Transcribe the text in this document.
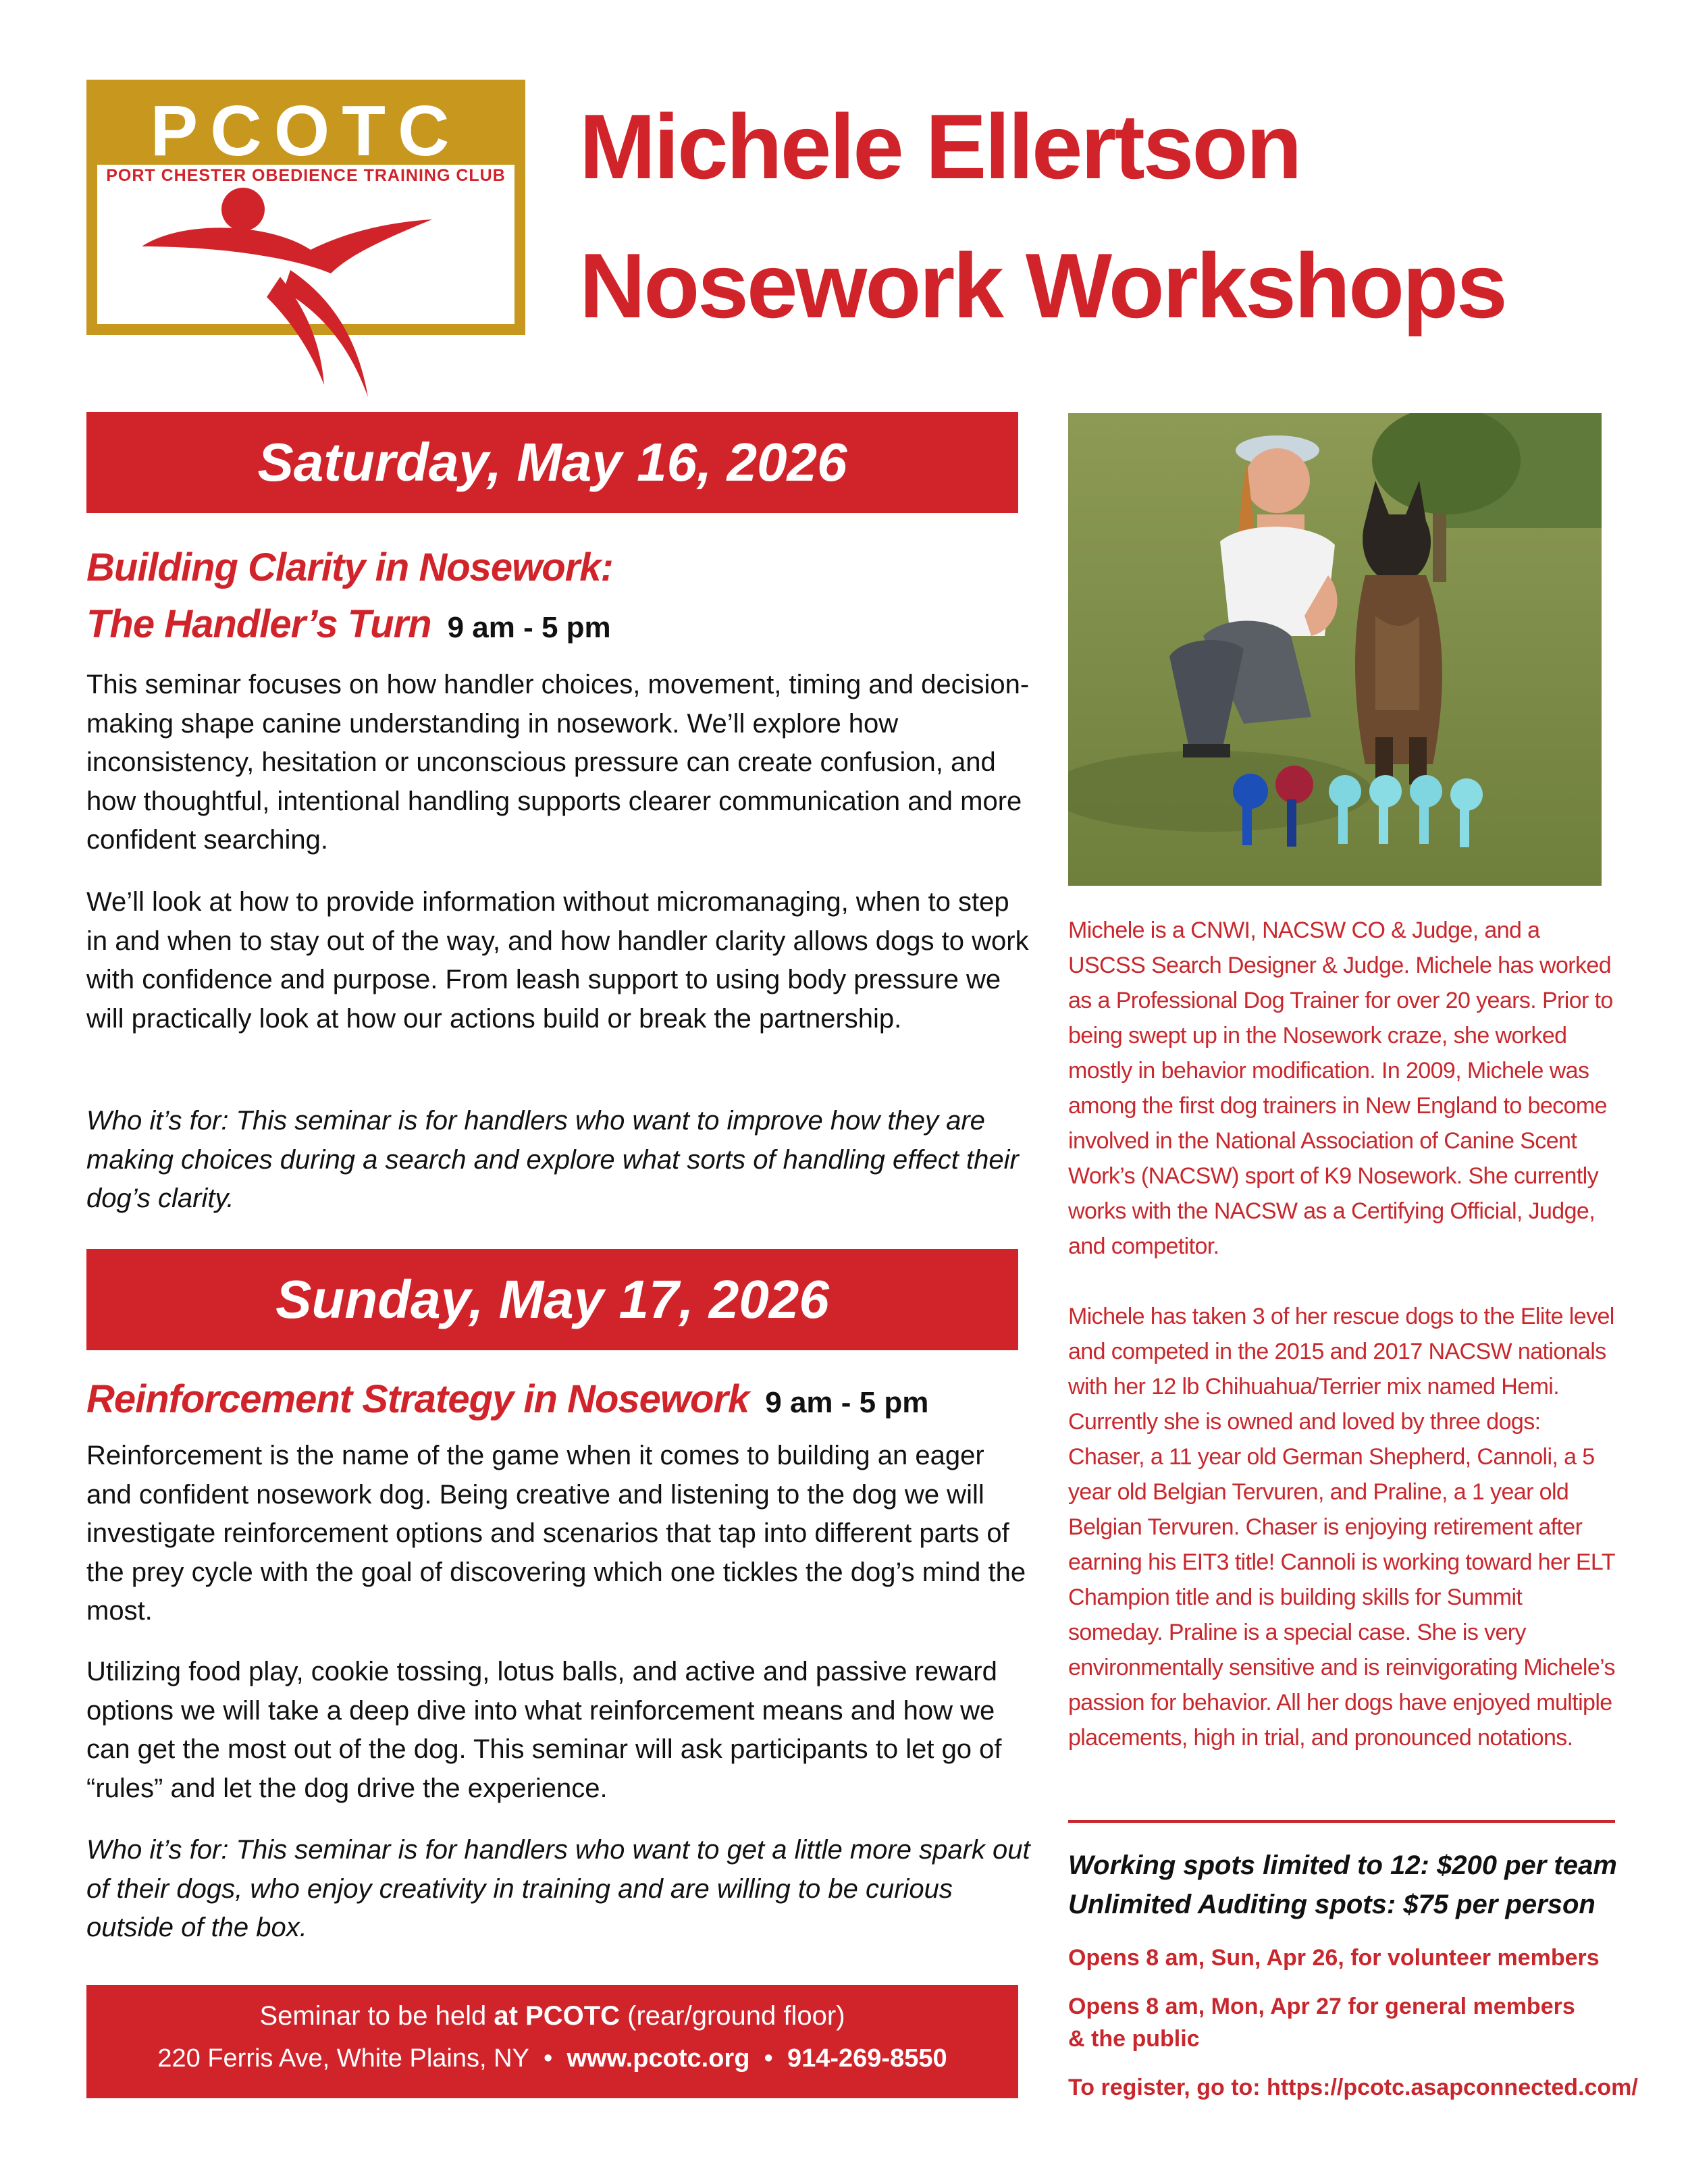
PCOTC
PORT CHESTER OBEDIENCE TRAINING CLUB Michele Ellertson
Nosework Workshops
Saturday, May 16, 2026
Building Clarity in Nosework:
The Handler’s Turn 9 am - 5 pm
This seminar focuses on how handler choices, movement, timing and decision-making shape canine understanding in nosework. We’ll explore how inconsistency, hesitation or unconscious pressure can create confusion, and how thoughtful, intentional handling supports clearer communication and more confident searching.
We’ll look at how to provide information without micromanaging, when to step in and when to stay out of the way, and how handler clarity allows dogs to work with confidence and purpose. From leash support to using body pressure we will practically look at how our actions build or break the partnership.
Who it’s for: This seminar is for handlers who want to improve how they are making choices during a search and explore what sorts of handling effect their dog’s clarity.
Sunday, May 17, 2026
Reinforcement Strategy in Nosework 9 am - 5 pm
Reinforcement is the name of the game when it comes to building an eager and confident nosework dog. Being creative and listening to the dog we will investigate reinforcement options and scenarios that tap into different parts of the prey cycle with the goal of discovering which one tickles the dog’s mind the most.
Utilizing food play, cookie tossing, lotus balls, and active and passive reward options we will take a deep dive into what reinforcement means and how we can get the most out of the dog. This seminar will ask participants to let go of “rules” and let the dog drive the experience.
Who it’s for: This seminar is for handlers who want to get a little more spark out of their dogs, who enjoy creativity in training and are willing to be curious outside of the box.
Seminar to be held at PCOTC (rear/ground floor)
220 Ferris Ave, White Plains, NY • www.pcotc.org • 914-269-8550
Michele is a CNWI, NACSW CO & Judge, and a USCSS Search Designer & Judge. Michele has worked as a Professional Dog Trainer for over 20 years. Prior to being swept up in the Nosework craze, she worked mostly in behavior modification. In 2009, Michele was among the first dog trainers in New England to become involved in the National Association of Canine Scent Work’s (NACSW) sport of K9 Nosework. She currently works with the NACSW as a Certifying Official, Judge, and competitor.
Michele has taken 3 of her rescue dogs to the Elite level and competed in the 2015 and 2017 NACSW nationals with her 12 lb Chihuahua/Terrier mix named Hemi. Currently she is owned and loved by three dogs: Chaser, a 11 year old German Shepherd, Cannoli, a 5 year old Belgian Tervuren, and Praline, a 1 year old Belgian Tervuren. Chaser is enjoying retirement after earning his EIT3 title! Cannoli is working toward her ELT Champion title and is building skills for Summit someday. Praline is a special case. She is very environmentally sensitive and is reinvigorating Michele’s passion for behavior. All her dogs have enjoyed multiple placements, high in trial, and pronounced notations.
Working spots limited to 12: $200 per team
Unlimited Auditing spots: $75 per person
Opens 8 am, Sun, Apr 26, for volunteer members
Opens 8 am, Mon, Apr 27 for general members
& the public
To register, go to: https://pcotc.asapconnected.com/
